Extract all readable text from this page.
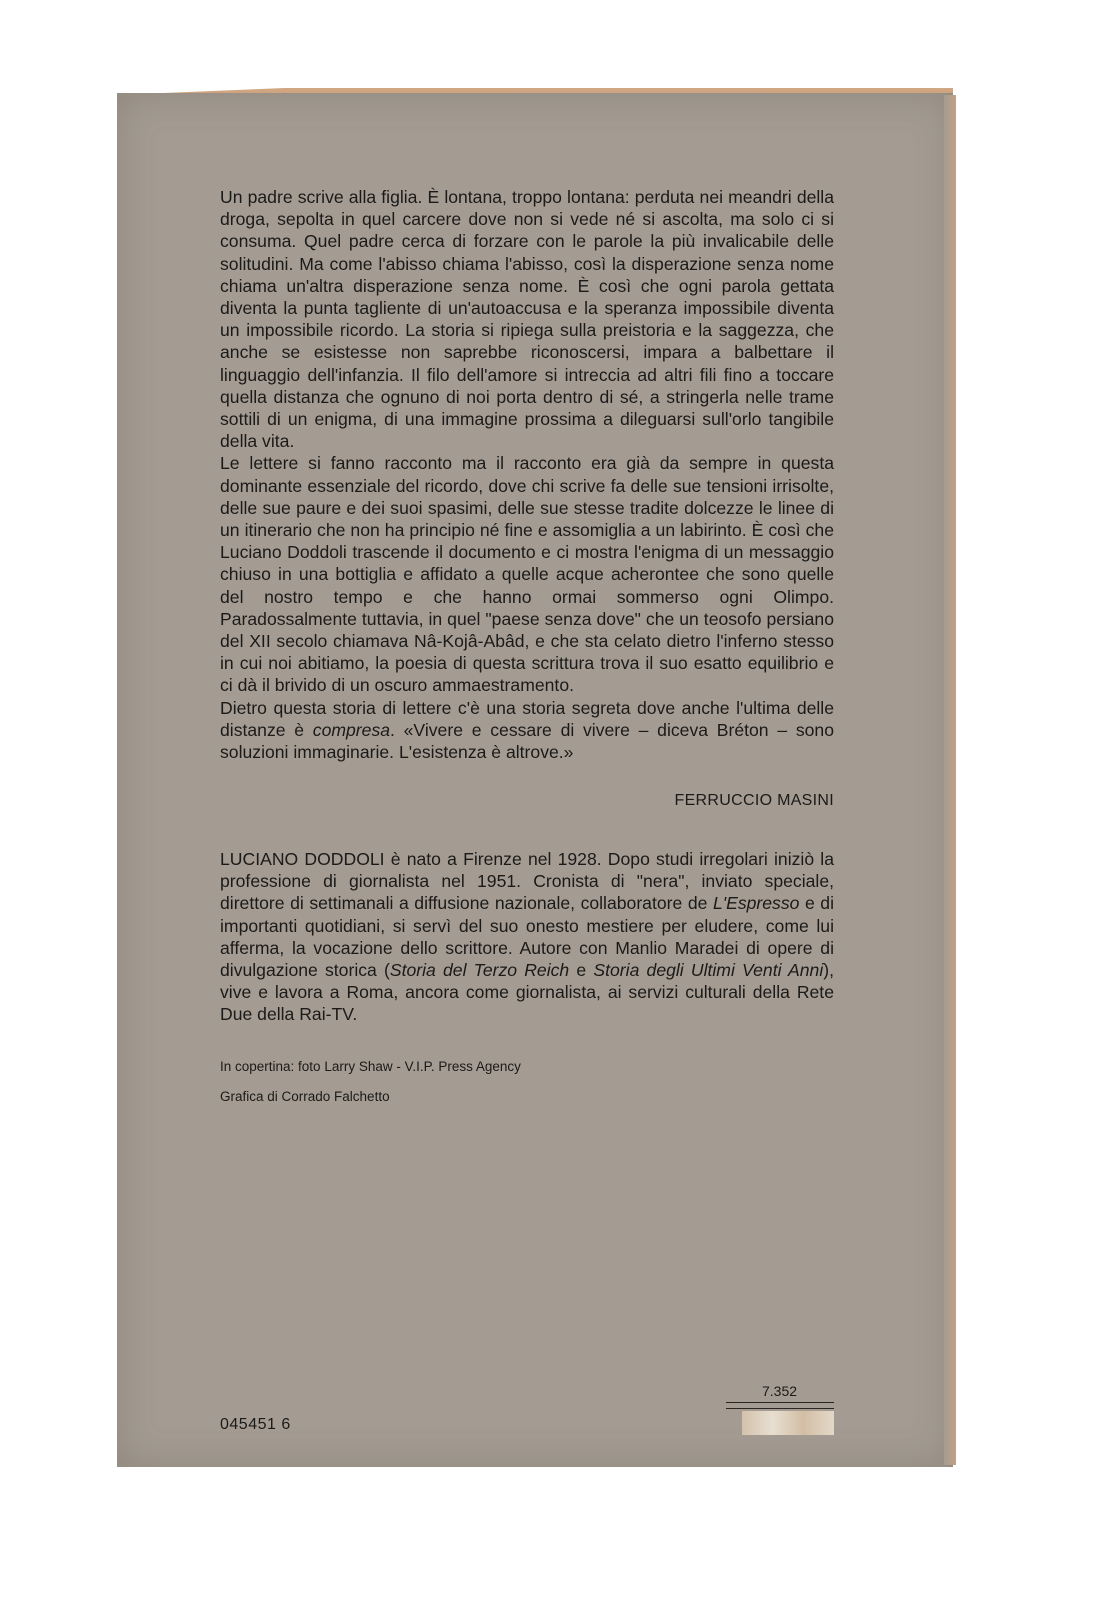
Un padre scrive alla figlia. È lontana, troppo lontana: perduta nei meandri della droga, sepolta in quel carcere dove non si vede né si ascolta, ma solo ci si consuma. Quel padre cerca di forzare con le parole la più invalicabile delle solitudini. Ma come l'abisso chiama l'abisso, così la disperazione senza nome chiama un'altra disperazione senza nome. È così che ogni parola gettata diventa la punta tagliente di un'autoaccusa e la speranza impossibile diventa un impossibile ricordo. La storia si ripiega sulla preistoria e la saggezza, che anche se esistesse non saprebbe riconoscersi, impara a balbettare il linguaggio dell'infanzia. Il filo dell'amore si intreccia ad altri fili fino a toccare quella distanza che ognuno di noi porta dentro di sé, a stringerla nelle trame sottili di un enigma, di una immagine prossima a dileguarsi sull'orlo tangibile della vita.

Le lettere si fanno racconto ma il racconto era già da sempre in questa dominante essenziale del ricordo, dove chi scrive fa delle sue tensioni irrisolte, delle sue paure e dei suoi spasimi, delle sue stesse tradite dolcezze le linee di un itinerario che non ha principio né fine e assomiglia a un labirinto. È così che Luciano Doddoli trascende il documento e ci mostra l'enigma di un messaggio chiuso in una bottiglia e affidato a quelle acque acherontee che sono quelle del nostro tempo e che hanno ormai sommerso ogni Olimpo. Paradossalmente tuttavia, in quel "paese senza dove" che un teosofo persiano del XII secolo chiamava Nâ-Kojâ-Abâd, e che sta celato dietro l'inferno stesso in cui noi abitiamo, la poesia di questa scrittura trova il suo esatto equilibrio e ci dà il brivido di un oscuro ammaestramento.

Dietro questa storia di lettere c'è una storia segreta dove anche l'ultima delle distanze è compresa. «Vivere e cessare di vivere – diceva Bréton – sono soluzioni immaginarie. L'esistenza è altrove.»

FERRUCCIO MASINI

LUCIANO DODDOLI è nato a Firenze nel 1928. Dopo studi irregolari iniziò la professione di giornalista nel 1951. Cronista di "nera", inviato speciale, direttore di settimanali a diffusione nazionale, collaboratore de L'Espresso e di importanti quotidiani, si servì del suo onesto mestiere per eludere, come lui afferma, la vocazione dello scrittore. Autore con Manlio Maradei di opere di divulgazione storica (Storia del Terzo Reich e Storia degli Ultimi Venti Anni), vive e lavora a Roma, ancora come giornalista, ai servizi culturali della Rete Due della Rai-TV.

In copertina: foto Larry Shaw - V.I.P. Press Agency
Grafica di Corrado Falchetto
7.352
045451 6
